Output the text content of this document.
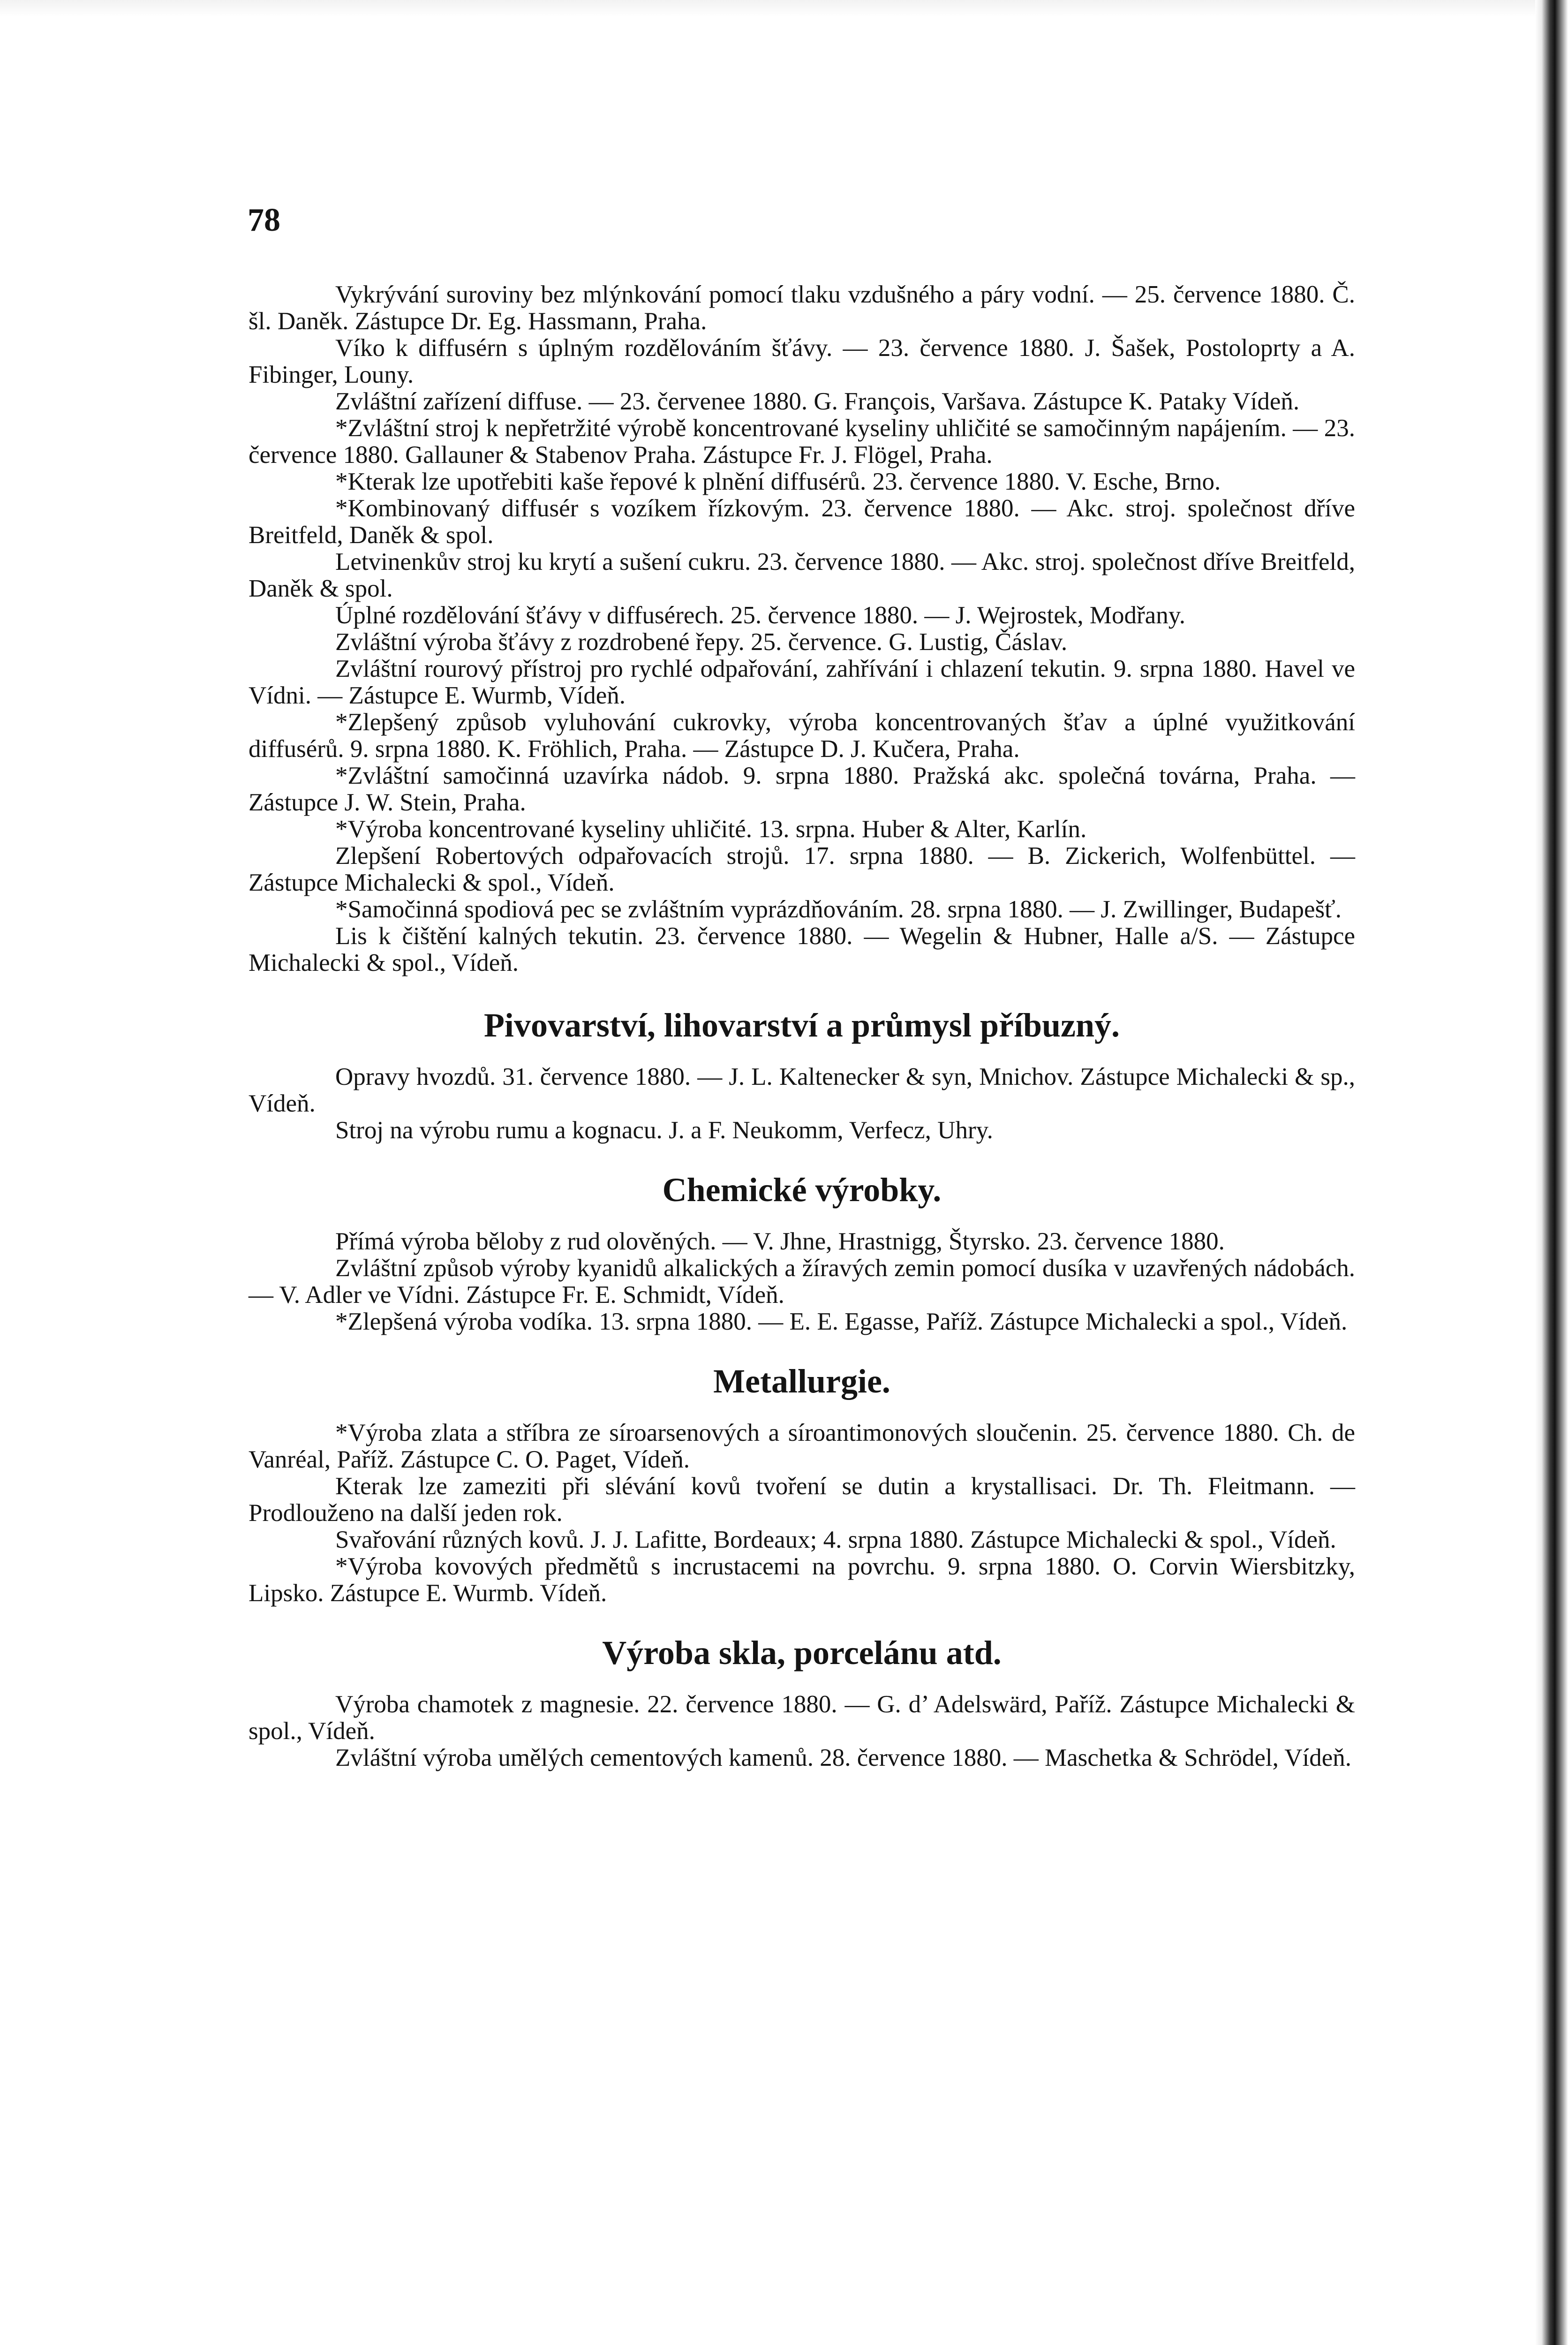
78

Vykrývání suroviny bez mlýnkování pomocí tlaku vzdušného a páry vodní. — 25. července 1880. Č. šl. Daněk. Zástupce Dr. Eg. Hassmann, Praha.

Víko k diffusérn s úplným rozdělováním šťávy. — 23. července 1880. J. Šašek, Postoloprty a A. Fibinger, Louny.

Zvláštní zařízení diffuse. — 23. červenee 1880. G. François, Varšava. Zástupce K. Pataky Vídeň.

*Zvláštní stroj k nepřetržité výrobě koncentrované kyseliny uhličité se samočinným napájením. — 23. července 1880. Gallauner & Stabenov Praha. Zástupce Fr. J. Flögel, Praha.

*Kterak lze upotřebiti kaše řepové k plnění diffusérů. 23. července 1880. V. Esche, Brno.

*Kombinovaný diffusér s vozíkem řízkovým. 23. července 1880. — Akc. stroj. společnost dříve Breitfeld, Daněk & spol.

Letvinenkův stroj ku krytí a sušení cukru. 23. července 1880. — Akc. stroj. společnost dříve Breitfeld, Daněk & spol.

Úplné rozdělování šťávy v diffusérech. 25. července 1880. — J. Wejrostek, Modřany.

Zvláštní výroba šťávy z rozdrobené řepy. 25. července. G. Lustig, Čáslav.

Zvláštní rourový přístroj pro rychlé odpařování, zahřívání i chlazení tekutin. 9. srpna 1880. Havel ve Vídni. — Zástupce E. Wurmb, Vídeň.

*Zlepšený způsob vyluhování cukrovky, výroba koncentrovaných šťav a úplné využitkování diffusérů. 9. srpna 1880. K. Fröhlich, Praha. — Zástupce D. J. Kučera, Praha.

*Zvláštní samočinná uzavírka nádob. 9. srpna 1880. Pražská akc. společná továrna, Praha. — Zástupce J. W. Stein, Praha.

*Výroba koncentrované kyseliny uhličité. 13. srpna. Huber & Alter, Karlín.

Zlepšení Robertových odpařovacích strojů. 17. srpna 1880. — B. Zickerich, Wolfenbüttel. — Zástupce Michalecki & spol., Vídeň.

*Samočinná spodiová pec se zvláštním vyprázdňováním. 28. srpna 1880. — J. Zwillinger, Budapešť.

Lis k čištění kalných tekutin. 23. července 1880. — Wegelin & Hubner, Halle a/S. — Zástupce Michalecki & spol., Vídeň.

Pivovarství, lihovarství a průmysl příbuzný.

Opravy hvozdů. 31. července 1880. — J. L. Kaltenecker & syn, Mnichov. Zástupce Michalecki & sp., Vídeň.

Stroj na výrobu rumu a kognacu. J. a F. Neukomm, Verfecz, Uhry.

Chemické výrobky.

Přímá výroba běloby z rud olověných. — V. Jhne, Hrastnigg, Štyrsko. 23. července 1880.

Zvláštní způsob výroby kyanidů alkalických a žíravých zemin pomocí dusíka v uzavřených nádobách. — V. Adler ve Vídni. Zástupce Fr. E. Schmidt, Vídeň.

*Zlepšená výroba vodíka. 13. srpna 1880. — E. E. Egasse, Paříž. Zástupce Michalecki a spol., Vídeň.

Metallurgie.

*Výroba zlata a stříbra ze síroarsenových a síroantimonových sloučenin. 25. července 1880. Ch. de Vanréal, Paříž. Zástupce C. O. Paget, Vídeň.

Kterak lze zameziti při slévání kovů tvoření se dutin a krystallisaci. Dr. Th. Fleitmann. — Prodlouženo na další jeden rok.

Svařování různých kovů. J. J. Lafitte, Bordeaux; 4. srpna 1880. Zástupce Michalecki & spol., Vídeň.

*Výroba kovových předmětů s incrustacemi na povrchu. 9. srpna 1880. O. Corvin Wiersbitzky, Lipsko. Zástupce E. Wurmb. Vídeň.

Výroba skla, porcelánu atd.

Výroba chamotek z magnesie. 22. července 1880. — G. d’ Adelswärd, Paříž. Zástupce Michalecki & spol., Vídeň.

Zvláštní výroba umělých cementových kamenů. 28. července 1880. — Maschetka & Schrödel, Vídeň.
